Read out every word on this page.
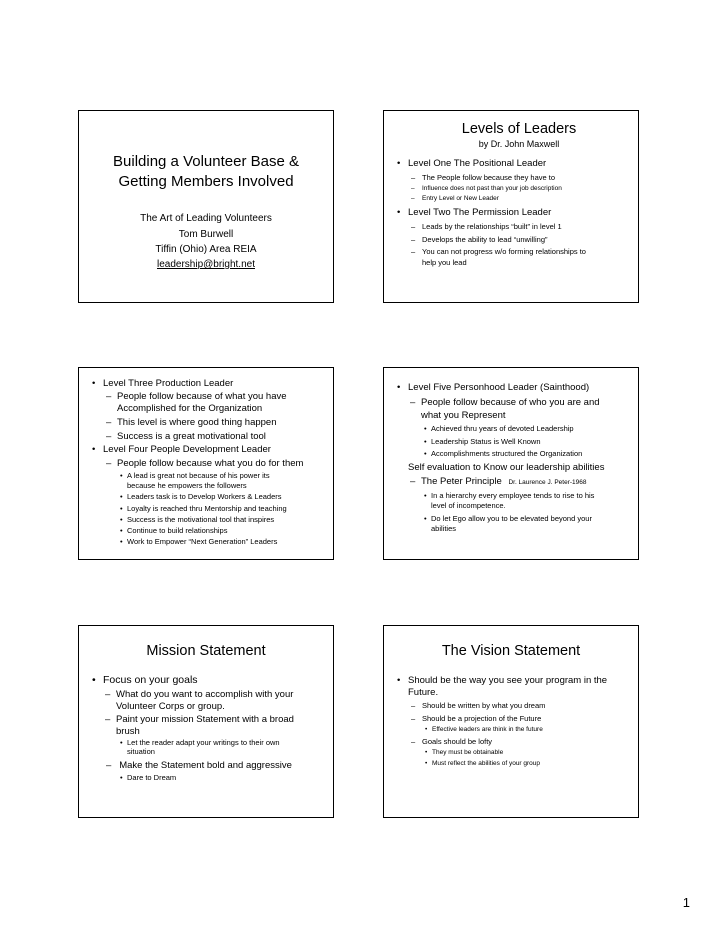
Building a Volunteer Base &
Getting Members Involved
The Art of Leading Volunteers
Tom Burwell
Tiffin (Ohio) Area REIA
leadership@bright.net
Levels of Leaders
by Dr. John Maxwell
• Level One The Positional Leader
– The People follow because they have to
– Influence does not past than your job description
– Entry Level or New Leader
• Level Two The Permission Leader
– Leads by the relationships “built” in level 1
– Develops the ability to lead “unwilling”
– You can not progress w/o forming relationships to
help you lead
• Level Three Production Leader
– People follow because of what you have
Accomplished for the Organization
– This level is where good thing happen
– Success is a great motivational tool
• Level Four People Development Leader
– People follow because what you do for them
• A lead is great not because of his power its
because he empowers the followers
• Leaders task is to Develop Workers & Leaders
• Loyalty is reached thru Mentorship and teaching
• Success is the motivational tool that inspires
• Continue to build relationships
• Work to Empower “Next Generation” Leaders
• Level Five Personhood Leader (Sainthood)
– People follow because of who you are and
what you Represent
• Achieved thru years of devoted Leadership
• Leadership Status is Well Known
• Accomplishments structured the Organization
Self evaluation to Know our leadership abilities
– The Peter Principle Dr. Laurence J. Peter-1968
• In a hierarchy every employee tends to rise to his
level of incompetence.
• Do let Ego allow you to be elevated beyond your
abilities
Mission Statement
• Focus on your goals
– What do you want to accomplish with your
Volunteer Corps or group.
– Paint your mission Statement with a broad
brush
• Let the reader adapt your writings to their own
situation
–   Make the Statement bold and aggressive
• Dare to Dream
The Vision Statement
• Should be the way you see your program in the
Future.
– Should be written by what you dream
– Should be a projection of the Future
• Effective leaders are think in the future
– Goals should be lofty
• They must be obtainable
• Must reflect the abilities of your group
1
